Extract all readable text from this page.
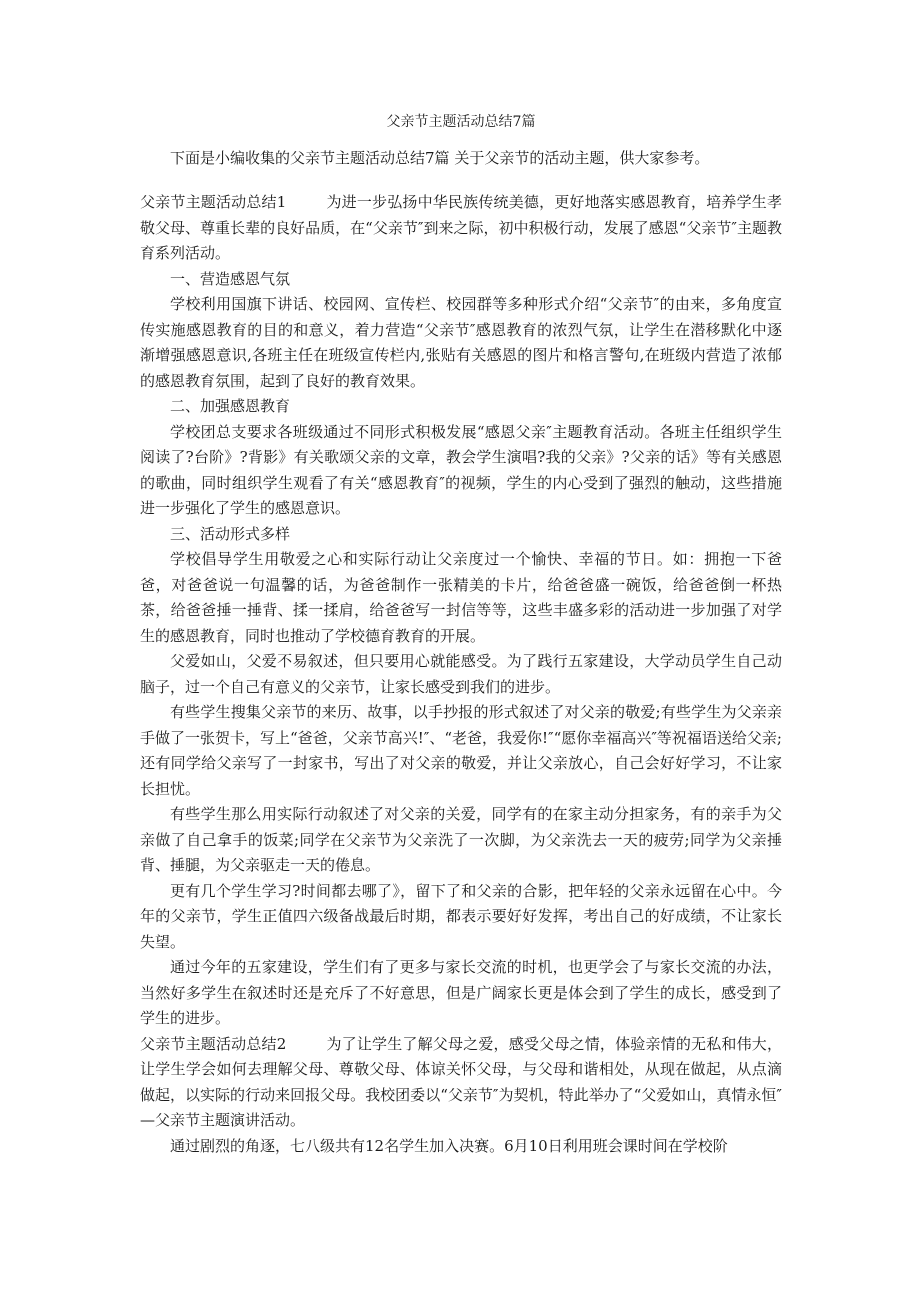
父亲节主题活动总结7篇

下面是小编收集的父亲节主题活动总结7篇 关于父亲节的活动主题，供大家参考。

父亲节主题活动总结1	为进一步弘扬中华民族传统美德，更好地落实感恩教育，培养学生孝敬父母、尊重长辈的良好品质，在“父亲节″到来之际，初中积极行动，发展了感恩“父亲节″主题教育系列活动。

一、营造感恩气氛

学校利用国旗下讲话、校园网、宣传栏、校园群等多种形式介绍“父亲节″的由来，多角度宣传实施感恩教育的目的和意义，着力营造“父亲节″感恩教育的浓烈气氛，让学生在潜移默化中逐渐增强感恩意识,各班主任在班级宣传栏内,张贴有关感恩的图片和格言警句,在班级内营造了浓郁的感恩教育氛围，起到了良好的教育效果。

二、加强感恩教育

学校团总支要求各班级通过不同形式积极发展“感恩父亲″主题教育活动。各班主任组织学生阅读了?台阶》?背影》有关歌颂父亲的文章，教会学生演唱?我的父亲》?父亲的话》等有关感恩的歌曲，同时组织学生观看了有关“感恩教育″的视频，学生的内心受到了强烈的触动，这些措施进一步强化了学生的感恩意识。

三、活动形式多样

学校倡导学生用敬爱之心和实际行动让父亲度过一个愉快、幸福的节日。如：拥抱一下爸爸，对爸爸说一句温馨的话，为爸爸制作一张精美的卡片，给爸爸盛一碗饭，给爸爸倒一杯热茶，给爸爸捶一捶背、揉一揉肩，给爸爸写一封信等等，这些丰盛多彩的活动进一步加强了对学生的感恩教育，同时也推动了学校德育教育的开展。

父爱如山，父爱不易叙述，但只要用心就能感受。为了践行五家建设，大学动员学生自己动脑子，过一个自己有意义的父亲节，让家长感受到我们的进步。

有些学生搜集父亲节的来历、故事，以手抄报的形式叙述了对父亲的敬爱;有些学生为父亲亲手做了一张贺卡，写上“爸爸，父亲节高兴!″、“老爸，我爱你!″“愿你幸福高兴″等祝福语送给父亲;还有同学给父亲写了一封家书，写出了对父亲的敬爱，并让父亲放心，自己会好好学习，不让家长担忧。

有些学生那么用实际行动叙述了对父亲的关爱，同学有的在家主动分担家务，有的亲手为父亲做了自己拿手的饭菜;同学在父亲节为父亲洗了一次脚，为父亲洗去一天的疲劳;同学为父亲捶背、捶腿，为父亲驱走一天的倦息。

更有几个学生学习?时间都去哪了》，留下了和父亲的合影，把年轻的父亲永远留在心中。今年的父亲节，学生正值四六级备战最后时期，都表示要好好发挥，考出自己的好成绩，不让家长失望。

通过今年的五家建设，学生们有了更多与家长交流的时机，也更学会了与家长交流的办法，当然好多学生在叙述时还是充斥了不好意思，但是广阔家长更是体会到了学生的成长，感受到了学生的进步。

父亲节主题活动总结2	为了让学生了解父母之爱，感受父母之情，体验亲情的无私和伟大，让学生学会如何去理解父母、尊敬父母、体谅关怀父母，与父母和谐相处，从现在做起，从点滴做起，以实际的行动来回报父母。我校团委以“父亲节″为契机，特此举办了“父爱如山，真情永恒″—父亲节主题演讲活动。

通过剧烈的角逐，七八级共有12名学生加入决赛。6月10日利用班会课时间在学校阶
